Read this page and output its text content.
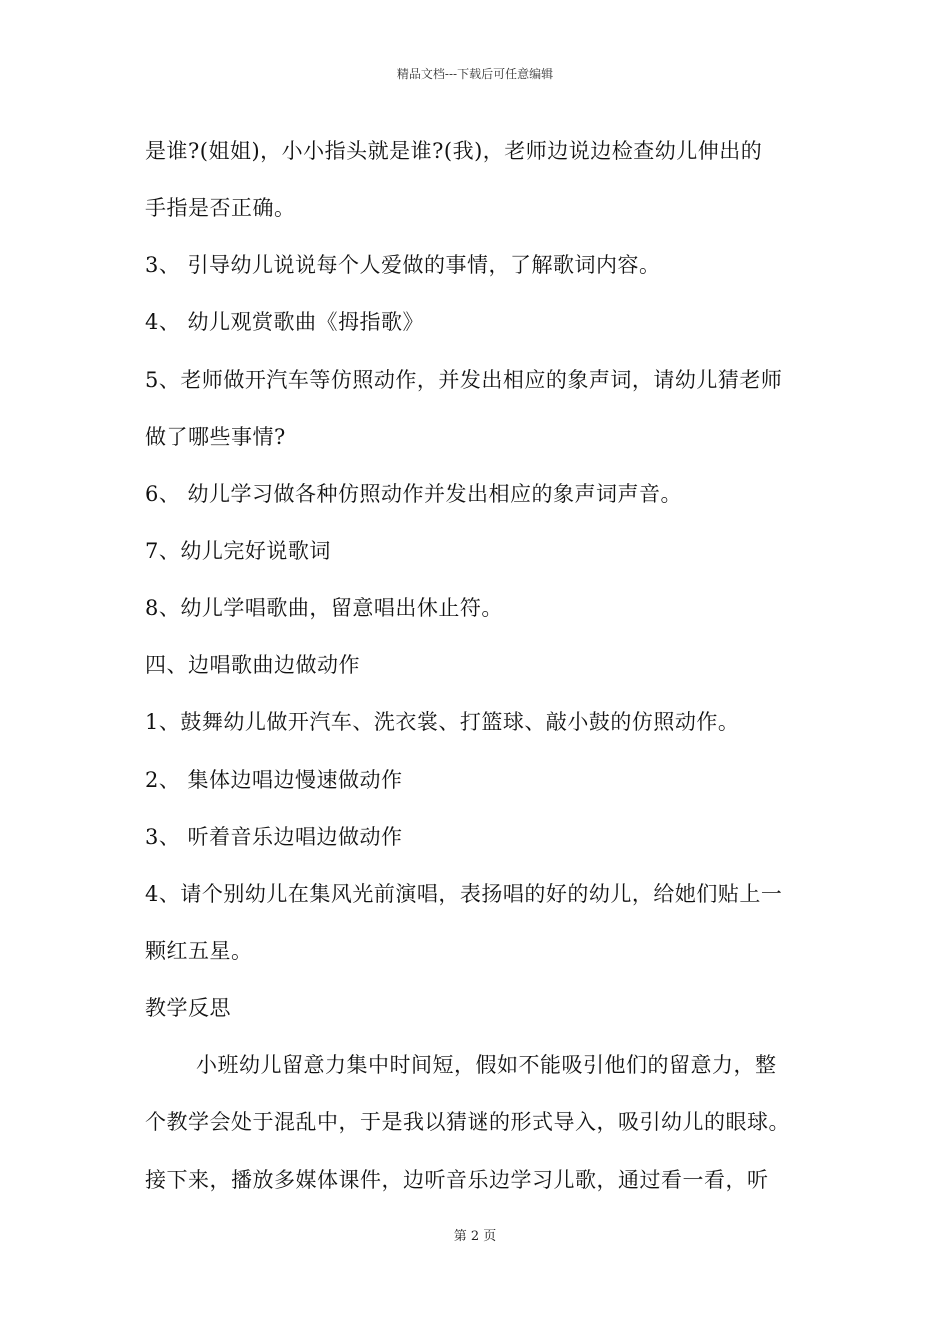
精品文档---下载后可任意编辑
是谁?(姐姐)，小小指头就是谁?(我)，老师边说边检查幼儿伸出的
手指是否正确。
3、 引导幼儿说说每个人爱做的事情，了解歌词内容。
4、 幼儿观赏歌曲《拇指歌》
5、老师做开汽车等仿照动作，并发出相应的象声词，请幼儿猜老师
做了哪些事情?
6、 幼儿学习做各种仿照动作并发出相应的象声词声音。
7、幼儿完好说歌词
8、幼儿学唱歌曲，留意唱出休止符。
四、边唱歌曲边做动作
1、鼓舞幼儿做开汽车、洗衣裳、打篮球、敲小鼓的仿照动作。
2、 集体边唱边慢速做动作
3、 听着音乐边唱边做动作
4、请个别幼儿在集风光前演唱，表扬唱的好的幼儿，给她们贴上一
颗红五星。
教学反思
小班幼儿留意力集中时间短，假如不能吸引他们的留意力，整
个教学会处于混乱中，于是我以猜谜的形式导入，吸引幼儿的眼球。
接下来，播放多媒体课件，边听音乐边学习儿歌，通过看一看，听
第 2 页
